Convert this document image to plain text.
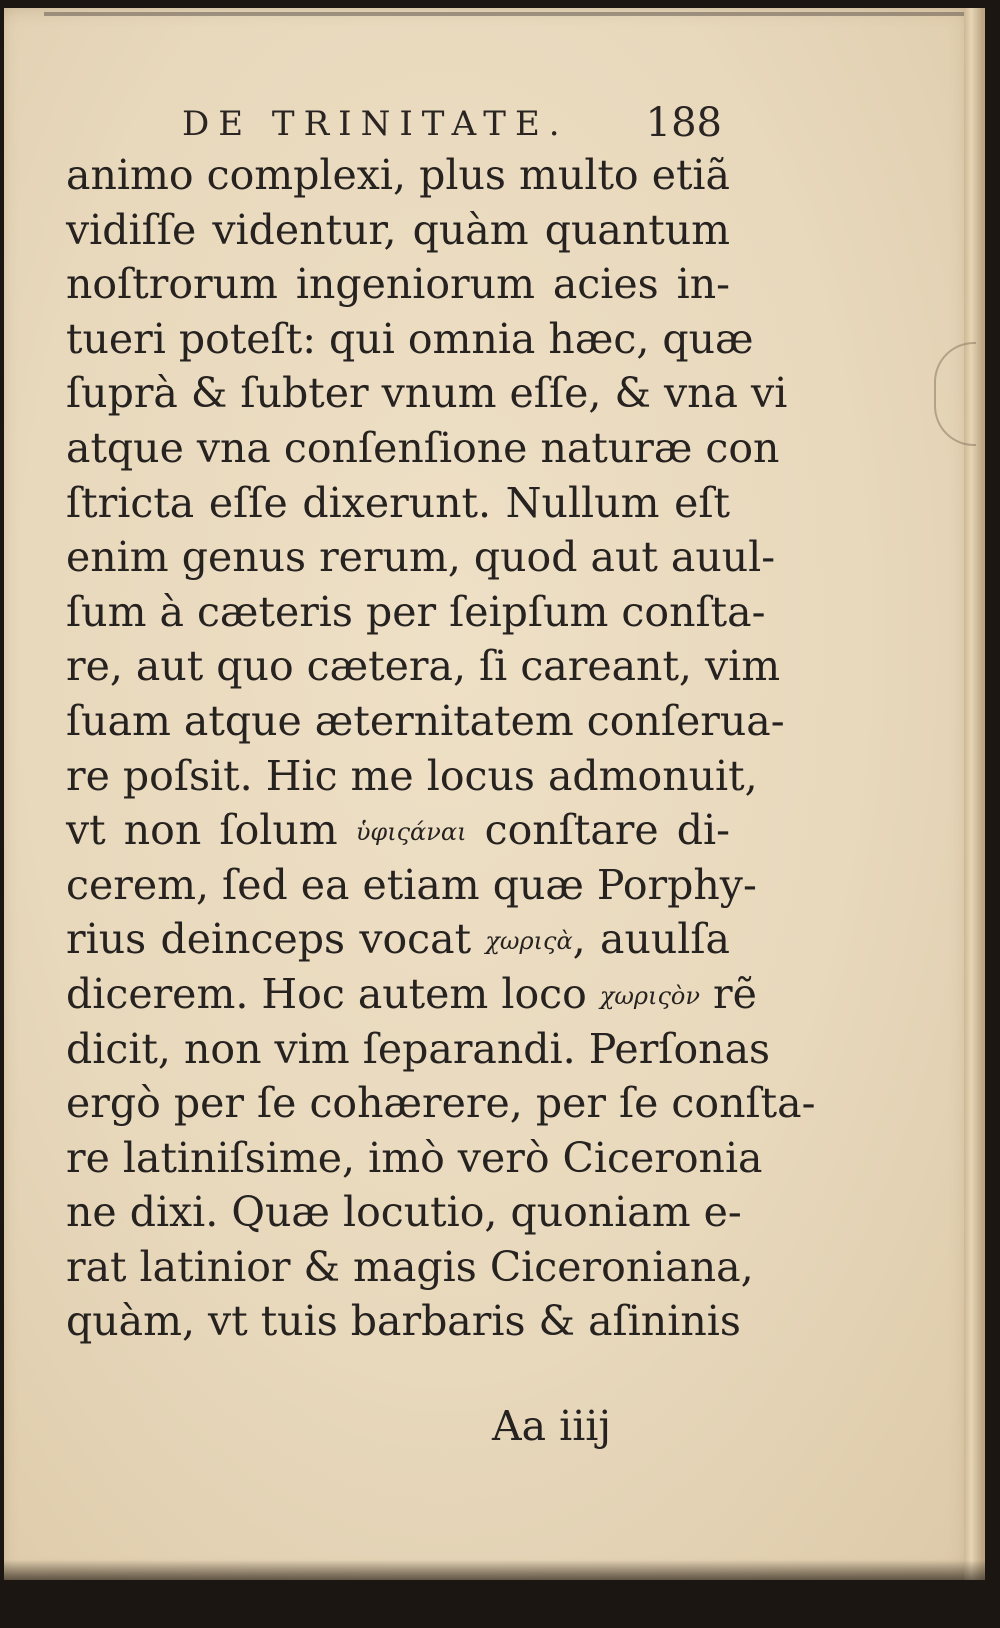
DE TRINITATE. 188
animo complexi, plus multo etiã
vidiſſe videntur, quàm quantum
noſtrorum ingeniorum acies in-
tueri poteſt: qui omnia hæc, quæ
ſuprà & ſubter vnum eſſe, & vna vi
atque vna conſenſione naturæ con
ſtricta eſſe dixerunt. Nullum eſt
enim genus rerum, quod aut auul-
ſum à cæteris per ſeipſum conſta-
re, aut quo cætera, ſi careant, vim
ſuam atque æternitatem conſerua-
re poſsit. Hic me locus admonuit,
vt non ſolum ὑφιςάναι conſtare di-
cerem, ſed ea etiam quæ Porphy-
rius deinceps vocat χωριςὰ, auulſa
dicerem. Hoc autem loco χωριςὸν rẽ
dicit, non vim ſeparandi. Perſonas
ergò per ſe cohærere, per ſe conſta-
re latiniſsime, imò verò Ciceronia
ne dixi. Quæ locutio, quoniam e-
rat latinior & magis Ciceroniana,
quàm, vt tuis barbaris & aſininis
Aa iiij
